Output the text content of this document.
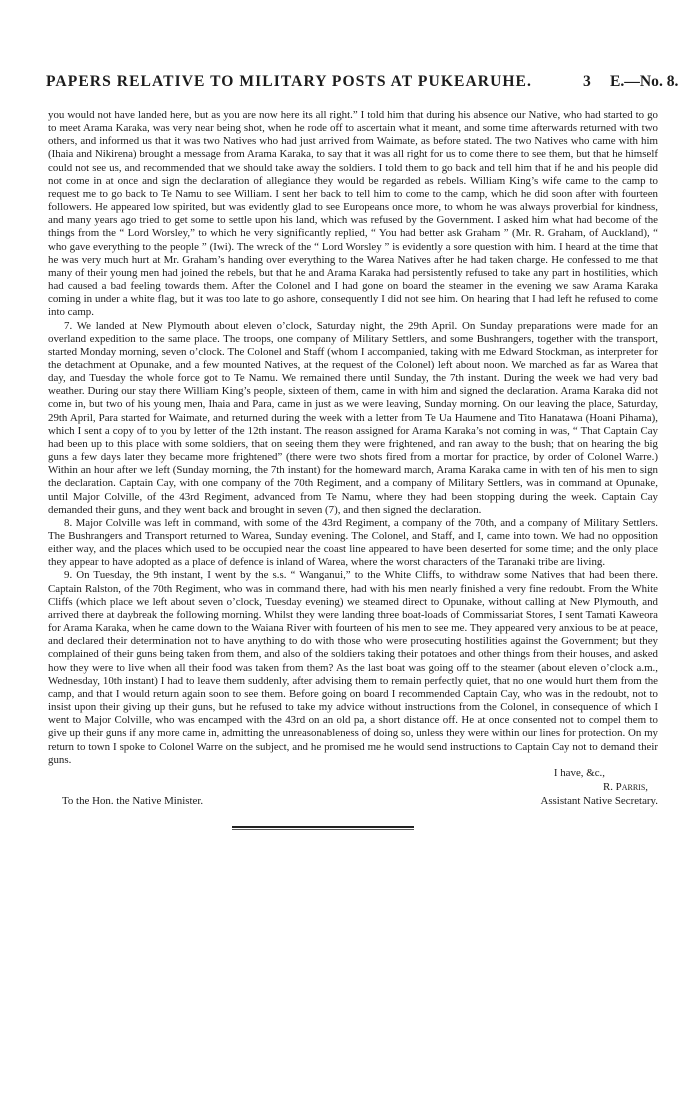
PAPERS RELATIVE TO MILITARY POSTS AT PUKEARUHE.	3 E.—No. 8.

you would not have landed here, but as you are now here its all right.” I told him that during his absence our Native, who had started to go to meet Arama Karaka, was very near being shot, when he rode off to ascertain what it meant, and some time afterwards returned with two others, and informed us that it was two Natives who had just arrived from Waimate, as before stated. The two Natives who came with him (Ihaia and Nikirena) brought a message from Arama Karaka, to say that it was all right for us to come there to see them, but that he himself could not see us, and recommended that we should take away the soldiers. I told them to go back and tell him that if he and his people did not come in at once and sign the declaration of allegiance they would be regarded as rebels. William King’s wife came to the camp to request me to go back to Te Namu to see William. I sent her back to tell him to come to the camp, which he did soon after with fourteen followers. He appeared low spirited, but was evidently glad to see Europeans once more, to whom he was always proverbial for kindness, and many years ago tried to get some to settle upon his land, which was refused by the Government. I asked him what had become of the things from the “ Lord Worsley,” to which he very significantly replied, “ You had better ask Graham ” (Mr. R. Graham, of Auckland), “ who gave everything to the people ” (Iwi). The wreck of the “ Lord Worsley ” is evidently a sore question with him. I heard at the time that he was very much hurt at Mr. Graham’s handing over everything to the Warea Natives after he had taken charge. He confessed to me that many of their young men had joined the rebels, but that he and Arama Karaka had persistently refused to take any part in hostilities, which had caused a bad feeling towards them. After the Colonel and I had gone on board the steamer in the evening we saw Arama Karaka coming in under a white flag, but it was too late to go ashore, consequently I did not see him. On hearing that I had left he refused to come into camp.

7. We landed at New Plymouth about eleven o’clock, Saturday night, the 29th April. On Sunday preparations were made for an overland expedition to the same place. The troops, one company of Military Settlers, and some Bushrangers, together with the transport, started Monday morning, seven o’clock. The Colonel and Staff (whom I accompanied, taking with me Edward Stockman, as interpreter for the detachment at Opunake, and a few mounted Natives, at the request of the Colonel) left about noon. We marched as far as Warea that day, and Tuesday the whole force got to Te Namu. We remained there until Sunday, the 7th instant. During the week we had very bad weather. During our stay there William King’s people, sixteen of them, came in with him and signed the declaration. Arama Karaka did not come in, but two of his young men, Ihaia and Para, came in just as we were leaving, Sunday morning. On our leaving the place, Saturday, 29th April, Para started for Waimate, and returned during the week with a letter from Te Ua Haumene and Tito Hanatawa (Hoani Pihama), which I sent a copy of to you by letter of the 12th instant. The reason assigned for Arama Karaka’s not coming in was, “ That Captain Cay had been up to this place with some soldiers, that on seeing them they were frightened, and ran away to the bush; that on hearing the big guns a few days later they became more frightened” (there were two shots fired from a mortar for practice, by order of Colonel Warre.) Within an hour after we left (Sunday morning, the 7th instant) for the homeward march, Arama Karaka came in with ten of his men to sign the declaration. Captain Cay, with one company of the 70th Regiment, and a company of Military Settlers, was in command at Opunake, until Major Colville, of the 43rd Regiment, advanced from Te Namu, where they had been stopping during the week. Captain Cay demanded their guns, and they went back and brought in seven (7), and then signed the declaration.

8. Major Colville was left in command, with some of the 43rd Regiment, a company of the 70th, and a company of Military Settlers. The Bushrangers and Transport returned to Warea, Sunday evening. The Colonel, and Staff, and I, came into town. We had no opposition either way, and the places which used to be occupied near the coast line appeared to have been deserted for some time; and the only place they appear to have adopted as a place of defence is inland of Warea, where the worst characters of the Taranaki tribe are living.

9. On Tuesday, the 9th instant, I went by the s.s. “ Wanganui,” to the White Cliffs, to withdraw some Natives that had been there. Captain Ralston, of the 70th Regiment, who was in command there, had with his men nearly finished a very fine redoubt. From the White Cliffs (which place we left about seven o’clock, Tuesday evening) we steamed direct to Opunake, without calling at New Plymouth, and arrived there at daybreak the following morning. Whilst they were landing three boat-loads of Commissariat Stores, I sent Tamati Kaweora for Arama Karaka, when he came down to the Waiana River with fourteen of his men to see me. They appeared very anxious to be at peace, and declared their determination not to have anything to do with those who were prosecuting hostilities against the Government; but they complained of their guns being taken from them, and also of the soldiers taking their potatoes and other things from their houses, and asked how they were to live when all their food was taken from them? As the last boat was going off to the steamer (about eleven o’clock a.m., Wednesday, 10th instant) I had to leave them suddenly, after advising them to remain perfectly quiet, that no one would hurt them from the camp, and that I would return again soon to see them. Before going on board I recommended Captain Cay, who was in the redoubt, not to insist upon their giving up their guns, but he refused to take my advice without instructions from the Colonel, in consequence of which I went to Major Colville, who was encamped with the 43rd on an old pa, a short distance off. He at once consented not to compel them to give up their guns if any more came in, admitting the unreasonableness of doing so, unless they were within our lines for protection. On my return to town I spoke to Colonel Warre on the subject, and he promised me he would send instructions to Captain Cay not to demand their guns.

I have, &c.,
R. Parris,
To the Hon. the Native Minister.	Assistant Native Secretary.
